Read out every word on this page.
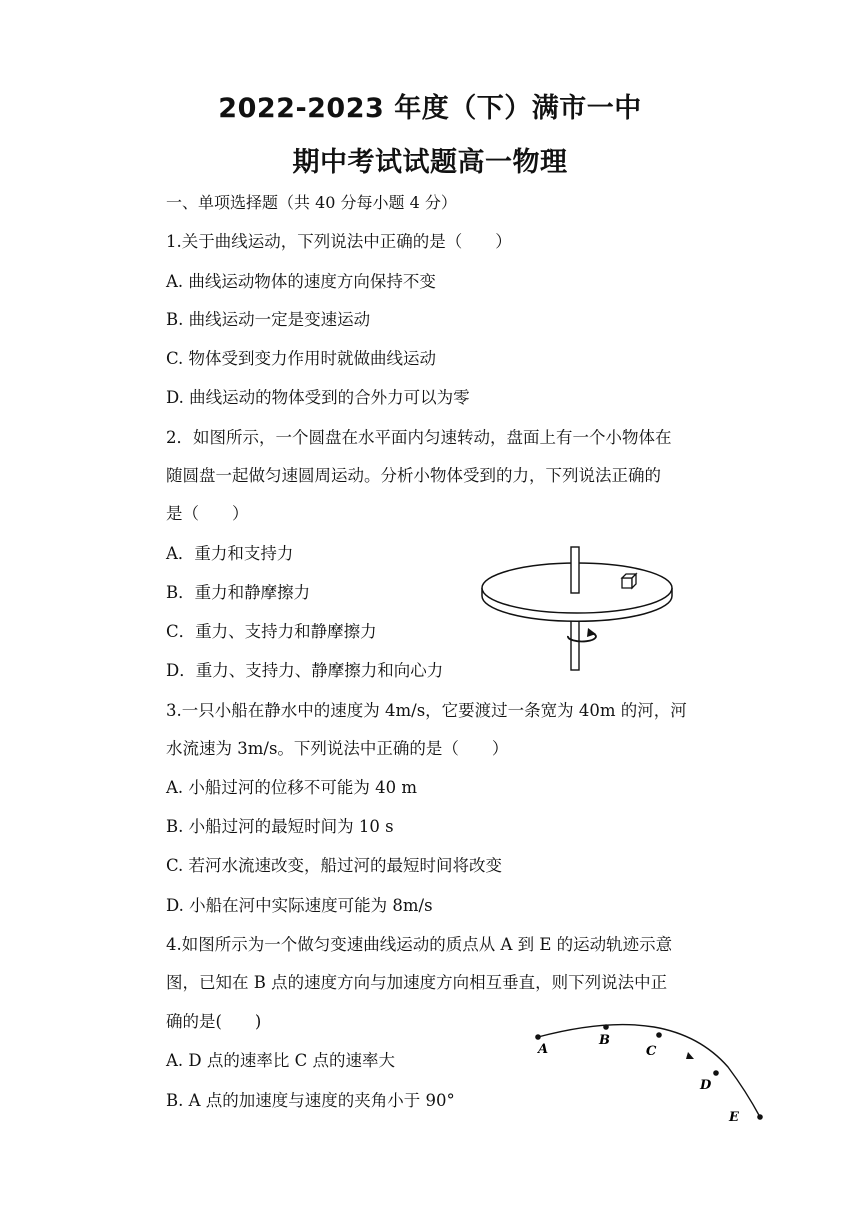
2022-2023 年度（下）满市一中
期中考试试题高一物理
一、单项选择题（共 40 分每小题 4 分）
1.关于曲线运动，下列说法中正确的是（　　）
A. 曲线运动物体的速度方向保持不变
B. 曲线运动一定是变速运动
C. 物体受到变力作用时就做曲线运动
D. 曲线运动的物体受到的合外力可以为零
2．如图所示，一个圆盘在水平面内匀速转动，盘面上有一个小物体在
随圆盘一起做匀速圆周运动。分析小物体受到的力，下列说法正确的
是（　　）
A．重力和支持力
B．重力和静摩擦力
C．重力、支持力和静摩擦力
D．重力、支持力、静摩擦力和向心力
3.一只小船在静水中的速度为 4m/s，它要渡过一条宽为 40m 的河，河
水流速为 3m/s。下列说法中正确的是（　　）
A. 小船过河的位移不可能为 40 m
B. 小船过河的最短时间为 10 s
C. 若河水流速改变，船过河的最短时间将改变
D. 小船在河中实际速度可能为 8m/s
4.如图所示为一个做匀变速曲线运动的质点从 A 到 E 的运动轨迹示意
图，已知在 B 点的速度方向与加速度方向相互垂直，则下列说法中正
确的是(　　)
A. D 点的速率比 C 点的速率大
B. A 点的加速度与速度的夹角小于 90°
A
B
C
D
E
